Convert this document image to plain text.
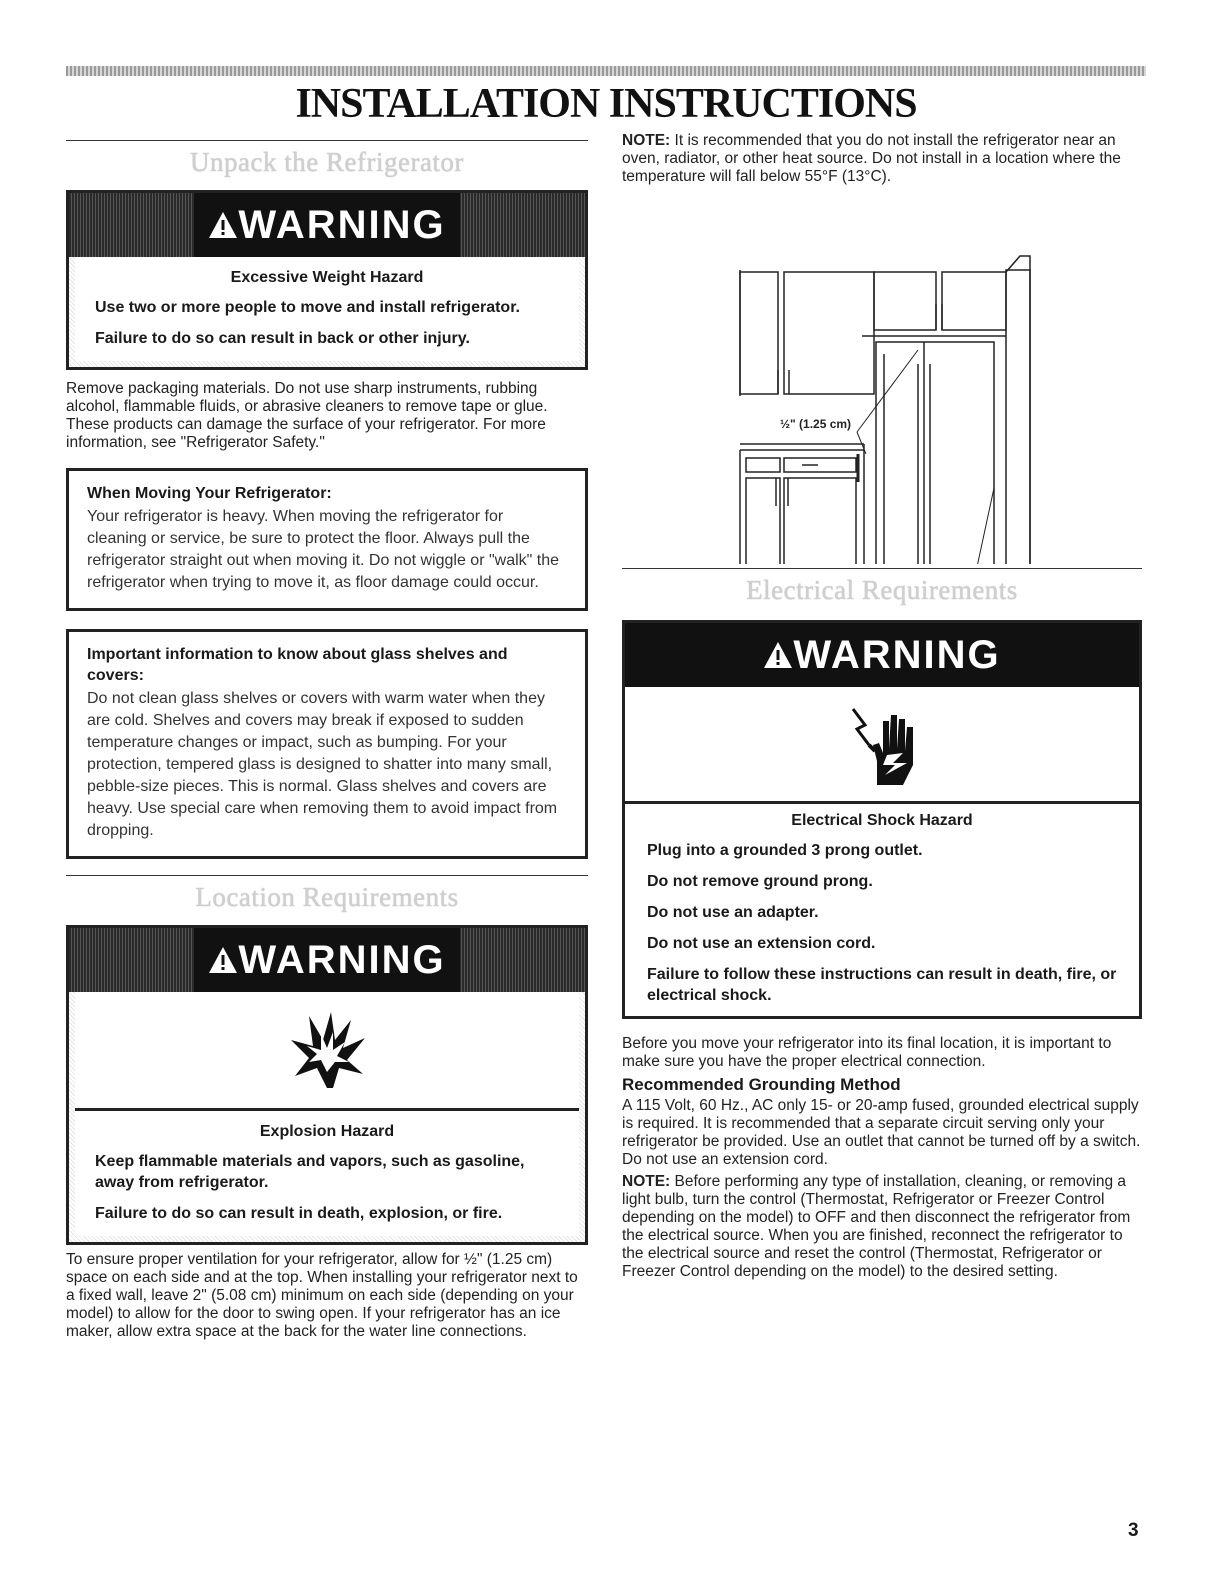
INSTALLATION INSTRUCTIONS
Unpack the Refrigerator
WARNING
Excessive Weight Hazard
Use two or more people to move and install refrigerator.
Failure to do so can result in back or other injury.

Remove packaging materials. Do not use sharp instruments, rubbing alcohol, flammable fluids, or abrasive cleaners to remove tape or glue. These products can damage the surface of your refrigerator. For more information, see "Refrigerator Safety."

When Moving Your Refrigerator:

Your refrigerator is heavy. When moving the refrigerator for cleaning or service, be sure to protect the floor. Always pull the refrigerator straight out when moving it. Do not wiggle or "walk" the refrigerator when trying to move it, as floor damage could occur.

Important information to know about glass shelves and covers:

Do not clean glass shelves or covers with warm water when they are cold. Shelves and covers may break if exposed to sudden temperature changes or impact, such as bumping. For your protection, tempered glass is designed to shatter into many small, pebble-size pieces. This is normal. Glass shelves and covers are heavy. Use special care when removing them to avoid impact from dropping.

Location Requirements
WARNING
Explosion Hazard
Keep flammable materials and vapors, such as gasoline, away from refrigerator.
Failure to do so can result in death, explosion, or fire.

To ensure proper ventilation for your refrigerator, allow for ½" (1.25 cm) space on each side and at the top. When installing your refrigerator next to a fixed wall, leave 2" (5.08 cm) minimum on each side (depending on your model) to allow for the door to swing open. If your refrigerator has an ice maker, allow extra space at the back for the water line connections.

NOTE: It is recommended that you do not install the refrigerator near an oven, radiator, or other heat source. Do not install in a location where the temperature will fall below 55°F (13°C).

½" (1.25 cm)
Electrical Requirements
WARNING
Electrical Shock Hazard
Plug into a grounded 3 prong outlet.
Do not remove ground prong.
Do not use an adapter.
Do not use an extension cord.
Failure to follow these instructions can result in death, fire, or electrical shock.

Before you move your refrigerator into its final location, it is important to make sure you have the proper electrical connection.

Recommended Grounding Method

A 115 Volt, 60 Hz., AC only 15- or 20-amp fused, grounded electrical supply is required. It is recommended that a separate circuit serving only your refrigerator be provided. Use an outlet that cannot be turned off by a switch. Do not use an extension cord.

NOTE: Before performing any type of installation, cleaning, or removing a light bulb, turn the control (Thermostat, Refrigerator or Freezer Control depending on the model) to OFF and then disconnect the refrigerator from the electrical source. When you are finished, reconnect the refrigerator to the electrical source and reset the control (Thermostat, Refrigerator or Freezer Control depending on the model) to the desired setting.

3
